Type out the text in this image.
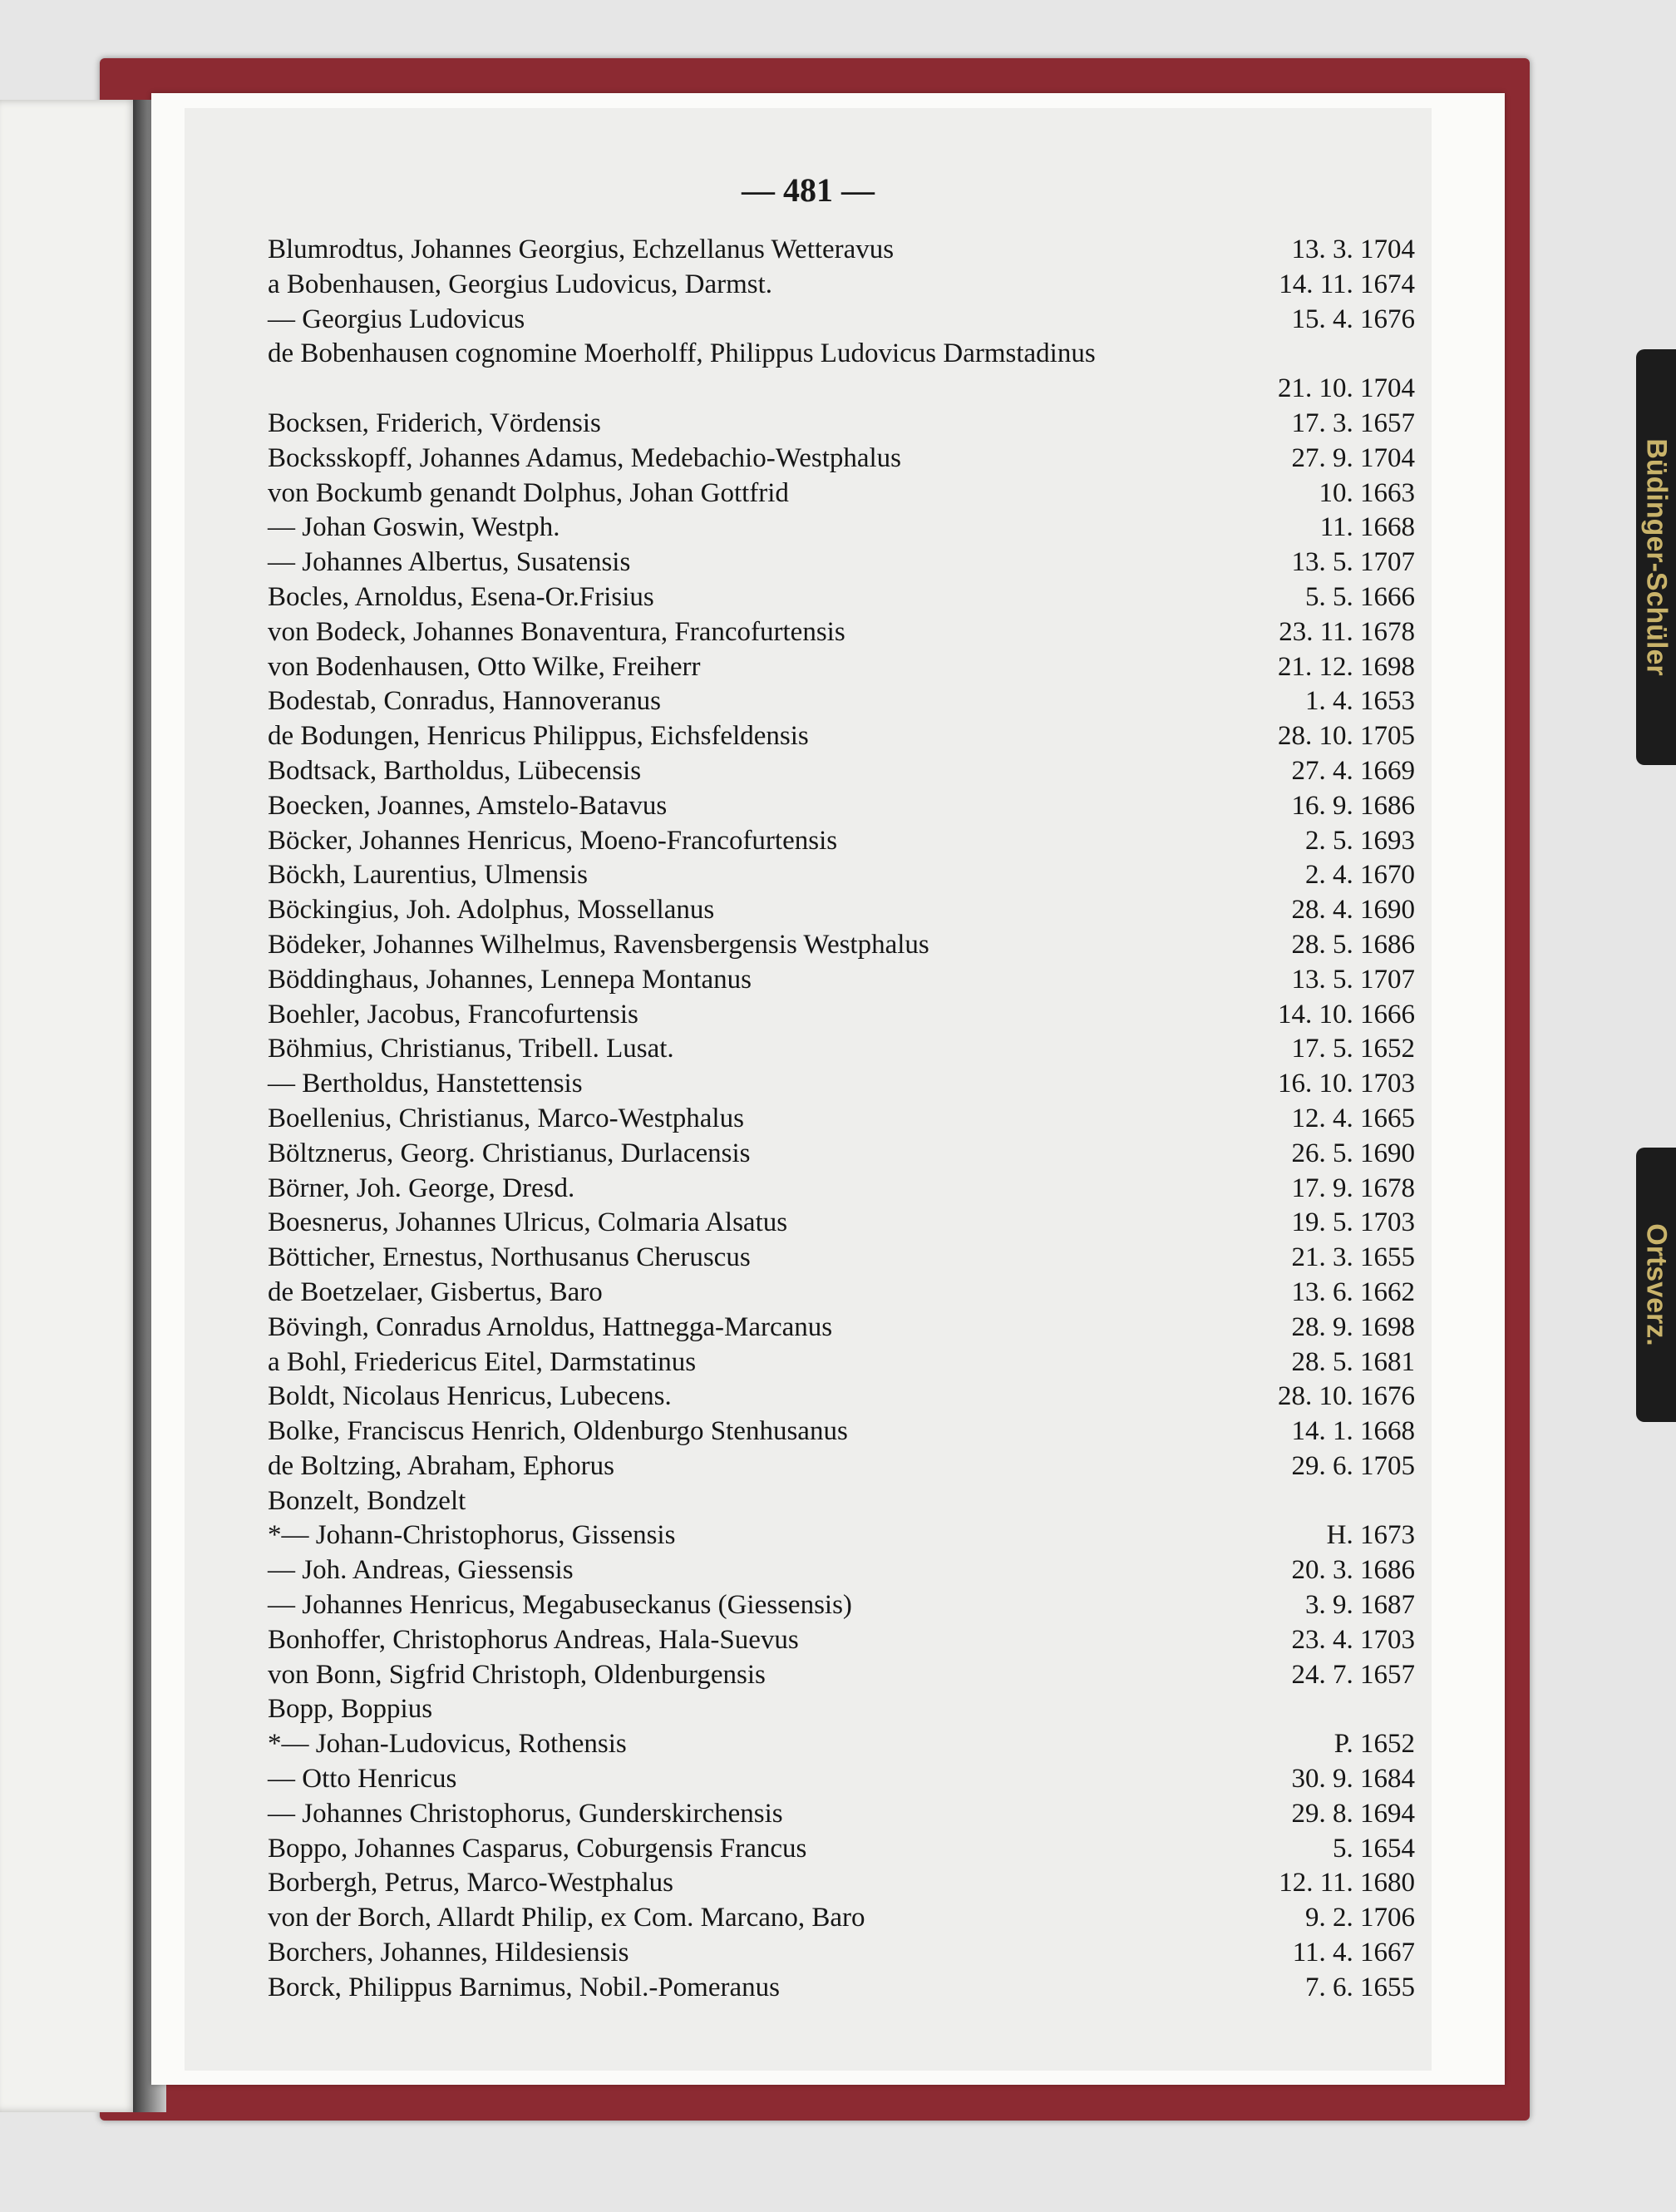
— 481 —
Blumrodtus, Johannes Georgius, Echzellanus Wetteravus	13. 3. 1704
a Bobenhausen, Georgius Ludovicus, Darmst.	14. 11. 1674
— Georgius Ludovicus	15. 4. 1676
de Bobenhausen cognomine Moerholff, Philippus Ludovicus Darmstadinus
21. 10. 1704
Bocksen, Friderich, Vördensis	17. 3. 1657
Bocksskopff, Johannes Adamus, Medebachio-Westphalus	27. 9. 1704
von Bockumb genandt Dolphus, Johan Gottfrid	10. 1663
— Johan Goswin, Westph.	11. 1668
— Johannes Albertus, Susatensis	13. 5. 1707
Bocles, Arnoldus, Esena-Or.Frisius	5. 5. 1666
von Bodeck, Johannes Bonaventura, Francofurtensis	23. 11. 1678
von Bodenhausen, Otto Wilke, Freiherr	21. 12. 1698
Bodestab, Conradus, Hannoveranus	1. 4. 1653
de Bodungen, Henricus Philippus, Eichsfeldensis	28. 10. 1705
Bodtsack, Bartholdus, Lübecensis	27. 4. 1669
Boecken, Joannes, Amstelo-Batavus	16. 9. 1686
Böcker, Johannes Henricus, Moeno-Francofurtensis	2. 5. 1693
Böckh, Laurentius, Ulmensis	2. 4. 1670
Böckingius, Joh. Adolphus, Mossellanus	28. 4. 1690
Bödeker, Johannes Wilhelmus, Ravensbergensis Westphalus	28. 5. 1686
Böddinghaus, Johannes, Lennepa Montanus	13. 5. 1707
Boehler, Jacobus, Francofurtensis	14. 10. 1666
Böhmius, Christianus, Tribell. Lusat.	17. 5. 1652
— Bertholdus, Hanstettensis	16. 10. 1703
Boellenius, Christianus, Marco-Westphalus	12. 4. 1665
Böltznerus, Georg. Christianus, Durlacensis	26. 5. 1690
Börner, Joh. George, Dresd.	17. 9. 1678
Boesnerus, Johannes Ulricus, Colmaria Alsatus	19. 5. 1703
Bötticher, Ernestus, Northusanus Cheruscus	21. 3. 1655
de Boetzelaer, Gisbertus, Baro	13. 6. 1662
Bövingh, Conradus Arnoldus, Hattnegga-Marcanus	28. 9. 1698
a Bohl, Friedericus Eitel, Darmstatinus	28. 5. 1681
Boldt, Nicolaus Henricus, Lubecens.	28. 10. 1676
Bolke, Franciscus Henrich, Oldenburgo Stenhusanus	14. 1. 1668
de Boltzing, Abraham, Ephorus	29. 6. 1705
Bonzelt, Bondzelt
*— Johann-Christophorus, Gissensis	H. 1673
— Joh. Andreas, Giessensis	20. 3. 1686
— Johannes Henricus, Megabuseckanus (Giessensis)	3. 9. 1687
Bonhoffer, Christophorus Andreas, Hala-Suevus	23. 4. 1703
von Bonn, Sigfrid Christoph, Oldenburgensis	24. 7. 1657
Bopp, Boppius
*— Johan-Ludovicus, Rothensis	P. 1652
— Otto Henricus	30. 9. 1684
— Johannes Christophorus, Gunderskirchensis	29. 8. 1694
Boppo, Johannes Casparus, Coburgensis Francus	5. 1654
Borbergh, Petrus, Marco-Westphalus	12. 11. 1680
von der Borch, Allardt Philip, ex Com. Marcano, Baro	9. 2. 1706
Borchers, Johannes, Hildesiensis	11. 4. 1667
Borck, Philippus Barnimus, Nobil.-Pomeranus	7. 6. 1655
Büdinger-Schüler
Ortsverz.
